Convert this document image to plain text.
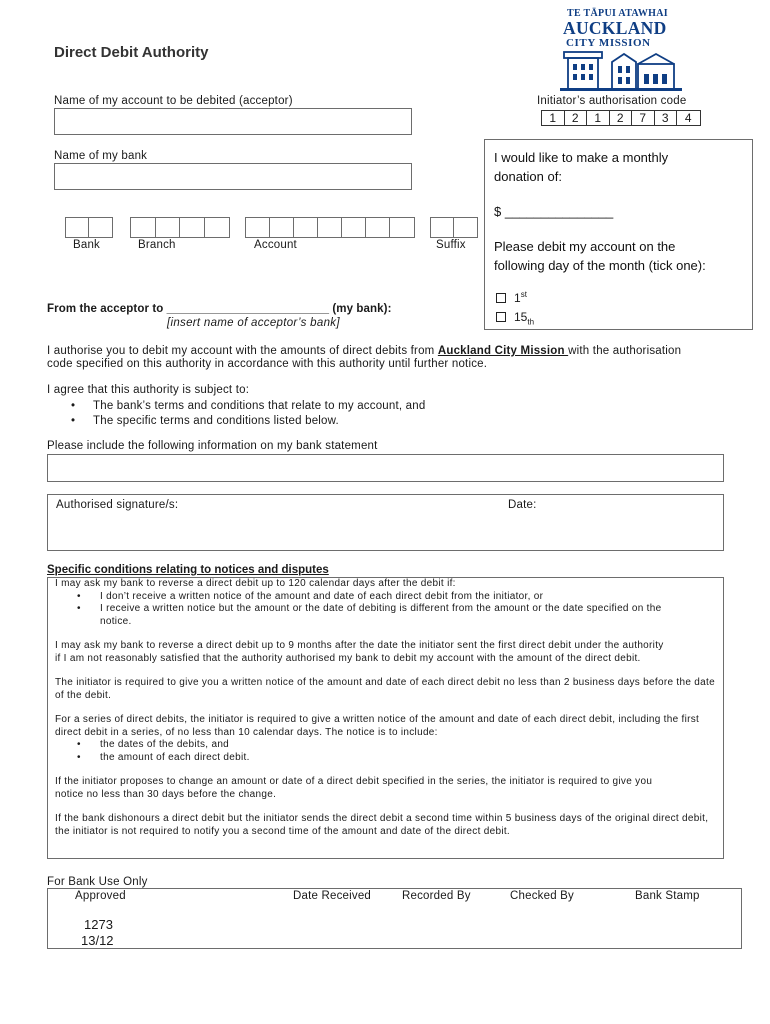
Direct Debit Authority
TE TĀPUI ATAWHAI
AUCKLAND
CITY MISSION
Name of my account to be debited (acceptor)	Initiator’s authorisation code
1	2	1	2	7	3	4
Name of my bank
Bank	Branch	Account	Suffix
I would like to make a monthly
donation of:
$ _______________
Please debit my account on the
following day of the month (tick one):
1st
$15_{th}$
From the acceptor to _________________________ (my bank):
[insert name of acceptor’s bank]
I authorise you to debit my account with the amounts of direct debits from Auckland City Mission with the authorisation
code specified on this authority in accordance with this authority until further notice.
I agree that this authority is subject to:
• The bank’s terms and conditions that relate to my account, and
• The specific terms and conditions listed below.
Please include the following information on my bank statement
Authorised signature/s:	Date:
Specific conditions relating to notices and disputes

I may ask my bank to reverse a direct debit up to 120 calendar days after the debit if:

• I don’t receive a written notice of the amount and date of each direct debit from the initiator, or
• I receive a written notice but the amount or the date of debiting is different from the amount or the date specified on the notice.

I may ask my bank to reverse a direct debit up to 9 months after the date the initiator sent the first direct debit under the authority if I am not reasonably satisfied that the authority authorised my bank to debit my account with the amount of the direct debit.

The initiator is required to give you a written notice of the amount and date of each direct debit no less than 2 business days before the date of the debit.

For a series of direct debits, the initiator is required to give a written notice of the amount and date of each direct debit, including the first direct debit in a series, of no less than 10 calendar days. The notice is to include:

• the dates of the debits, and
• the amount of each direct debit.

If the initiator proposes to change an amount or date of a direct debit specified in the series, the initiator is required to give you notice no less than 30 days before the change.

If the bank dishonours a direct debit but the initiator sends the direct debit a second time within 5 business days of the original direct debit, the initiator is not required to notify you a second time of the amount and date of the direct debit.

For Bank Use Only
Approved	Date Received	Recorded By	Checked By	Bank Stamp
1273
13/12
